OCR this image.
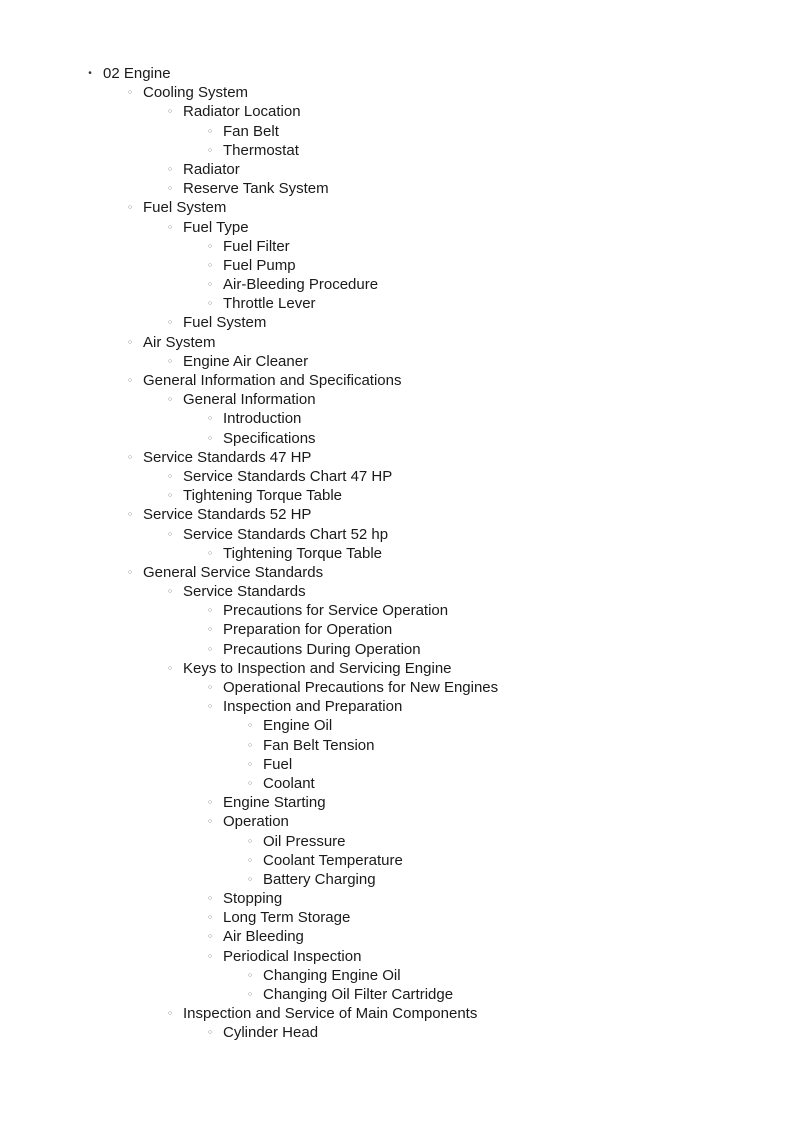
• 02 Engine
○ Cooling System
○ Radiator Location
○ Fan Belt
○ Thermostat
○ Radiator
○ Reserve Tank System
○ Fuel System
○ Fuel Type
○ Fuel Filter
○ Fuel Pump
○ Air-Bleeding Procedure
○ Throttle Lever
○ Fuel System
○ Air System
○ Engine Air Cleaner
○ General Information and Specifications
○ General Information
○ Introduction
○ Specifications
○ Service Standards 47 HP
○ Service Standards Chart 47 HP
○ Tightening Torque Table
○ Service Standards 52 HP
○ Service Standards Chart 52 hp
○ Tightening Torque Table
○ General Service Standards
○ Service Standards
○ Precautions for Service Operation
○ Preparation for Operation
○ Precautions During Operation
○ Keys to Inspection and Servicing Engine
○ Operational Precautions for New Engines
○ Inspection and Preparation
○ Engine Oil
○ Fan Belt Tension
○ Fuel
○ Coolant
○ Engine Starting
○ Operation
○ Oil Pressure
○ Coolant Temperature
○ Battery Charging
○ Stopping
○ Long Term Storage
○ Air Bleeding
○ Periodical Inspection
○ Changing Engine Oil
○ Changing Oil Filter Cartridge
○ Inspection and Service of Main Components
○ Cylinder Head
